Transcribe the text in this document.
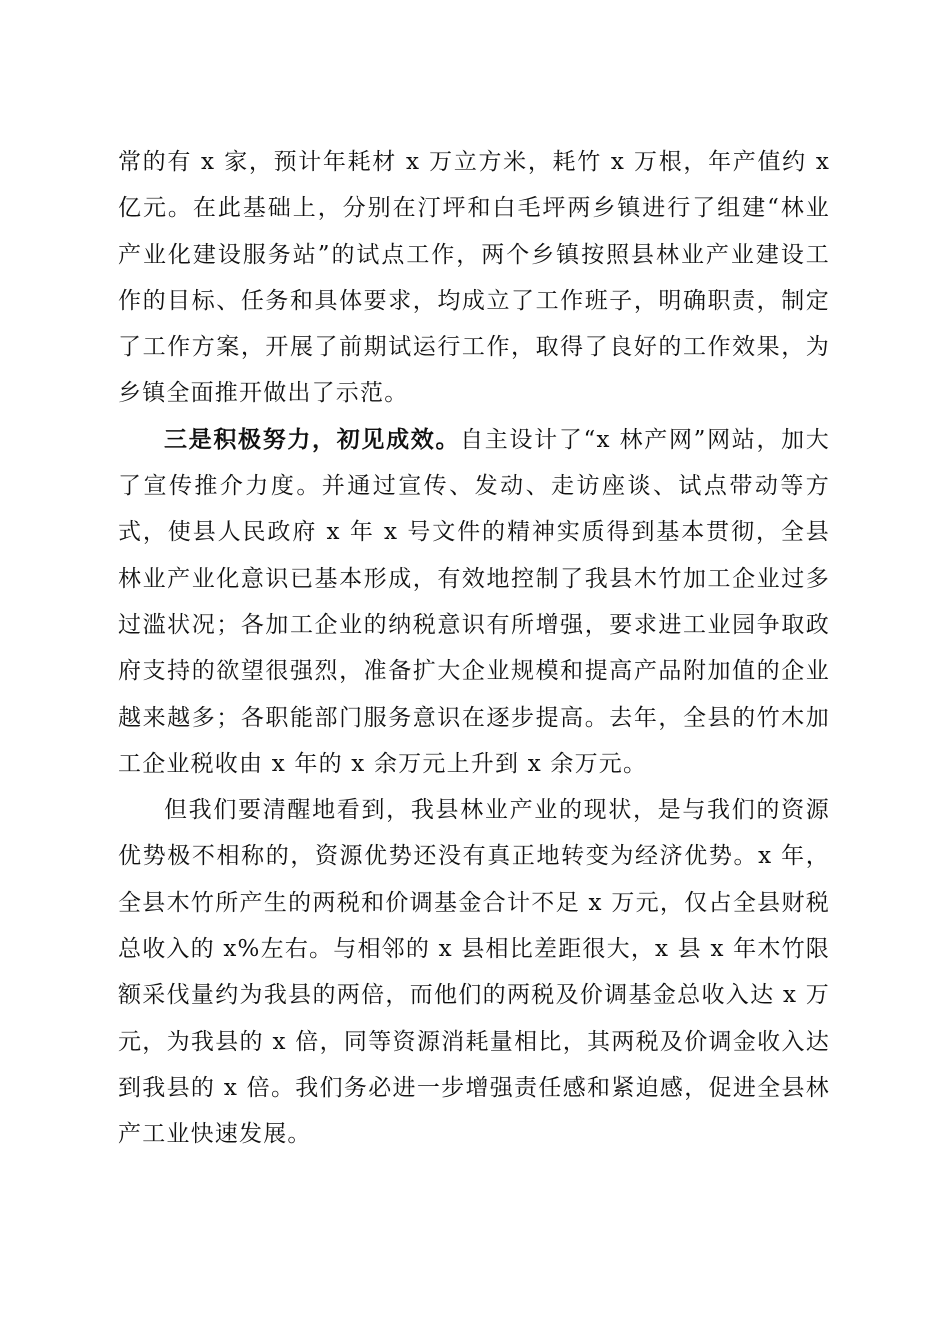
常的有 x 家，预计年耗材 x 万立方米，耗竹 x 万根，年产值约 x 亿元。在此基础上，分别在汀坪和白毛坪两乡镇进行了组建“林业产业化建设服务站”的试点工作，两个乡镇按照县林业产业建设工作的目标、任务和具体要求，均成立了工作班子，明确职责，制定了工作方案，开展了前期试运行工作，取得了良好的工作效果，为乡镇全面推开做出了示范。

三是积极努力，初见成效。自主设计了“x 林产网”网站，加大了宣传推介力度。并通过宣传、发动、走访座谈、试点带动等方式，使县人民政府 x 年 x 号文件的精神实质得到基本贯彻，全县林业产业化意识已基本形成，有效地控制了我县木竹加工企业过多过滥状况；各加工企业的纳税意识有所增强，要求进工业园争取政府支持的欲望很强烈，准备扩大企业规模和提高产品附加值的企业越来越多；各职能部门服务意识在逐步提高。去年，全县的竹木加工企业税收由 x 年的 x 余万元上升到 x 余万元。

但我们要清醒地看到，我县林业产业的现状，是与我们的资源优势极不相称的，资源优势还没有真正地转变为经济优势。x 年，全县木竹所产生的两税和价调基金合计不足 x 万元，仅占全县财税总收入的 x%左右。与相邻的 x 县相比差距很大，x 县 x 年木竹限额采伐量约为我县的两倍，而他们的两税及价调基金总收入达 x 万元，为我县的 x 倍，同等资源消耗量相比，其两税及价调金收入达到我县的 x 倍。我们务必进一步增强责任感和紧迫感，促进全县林产工业快速发展。
